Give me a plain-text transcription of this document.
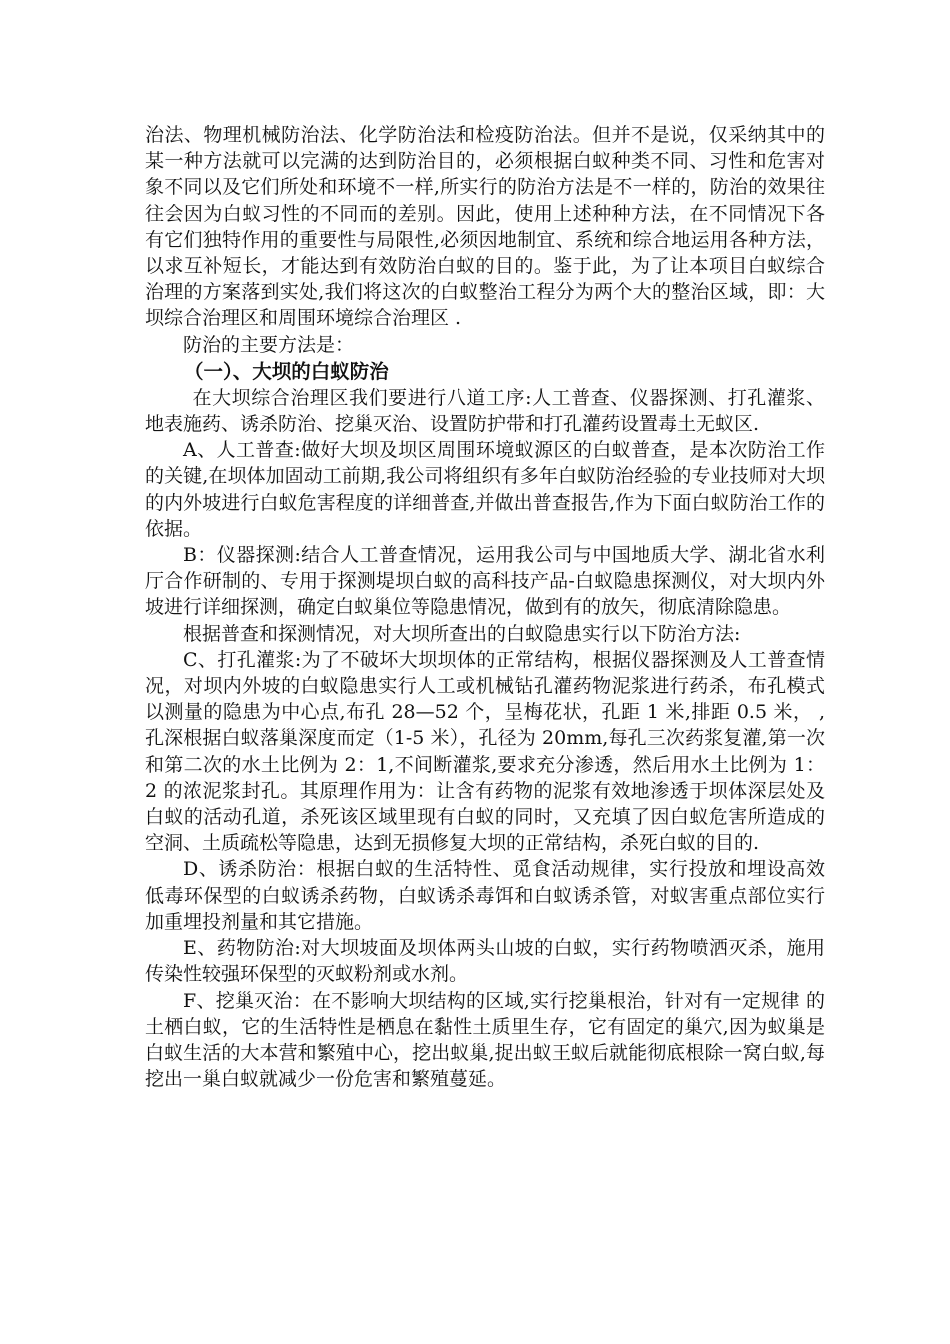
治法、物理机械防治法、化学防治法和检疫防治法。但并不是说，仅采纳其中的某一种方法就可以完满的达到防治目的，必须根据白蚁种类不同、习性和危害对象不同以及它们所处和环境不一样,所实行的防治方法是不一样的，防治的效果往往会因为白蚁习性的不同而的差别。因此，使用上述种种方法，在不同情况下各有它们独特作用的重要性与局限性,必须因地制宜、系统和综合地运用各种方法，以求互补短长，才能达到有效防治白蚁的目的。鉴于此，为了让本项目白蚁综合治理的方案落到实处,我们将这次的白蚁整治工程分为两个大的整治区域，即：大坝综合治理区和周围环境综合治理区 .

防治的主要方法是：

（一）、大坝的白蚁防治

在大坝综合治理区我们要进行八道工序:人工普查、仪器探测、打孔灌浆、地表施药、诱杀防治、挖巢灭治、设置防护带和打孔灌药设置毒土无蚁区.

A、人工普查:做好大坝及坝区周围环境蚁源区的白蚁普查，是本次防治工作的关键,在坝体加固动工前期,我公司将组织有多年白蚁防治经验的专业技师对大坝的内外坡进行白蚁危害程度的详细普查,并做出普查报告,作为下面白蚁防治工作的依据。

B：仪器探测:结合人工普查情况，运用我公司与中国地质大学、湖北省水利厅合作研制的、专用于探测堤坝白蚁的高科技产品-白蚁隐患探测仪，对大坝内外坡进行详细探测，确定白蚁巢位等隐患情况，做到有的放矢，彻底清除隐患。

根据普查和探测情况，对大坝所查出的白蚁隐患实行以下防治方法:

C、打孔灌浆:为了不破坏大坝坝体的正常结构，根据仪器探测及人工普查情况，对坝内外坡的白蚁隐患实行人工或机械钻孔灌药物泥浆进行药杀，布孔模式以测量的隐患为中心点,布孔 28—52 个，呈梅花状，孔距 1 米,排距 0.5 米， ,孔深根据白蚁落巢深度而定（1-5 米），孔径为 20mm,每孔三次药浆复灌,第一次和第二次的水土比例为 2：1,不间断灌浆,要求充分渗透，然后用水土比例为 1：2 的浓泥浆封孔。其原理作用为：让含有药物的泥浆有效地渗透于坝体深层处及白蚁的活动孔道，杀死该区域里现有白蚁的同时，又充填了因白蚁危害所造成的空洞、土质疏松等隐患，达到无损修复大坝的正常结构，杀死白蚁的目的.

D、诱杀防治：根据白蚁的生活特性、觅食活动规律，实行投放和埋设高效低毒环保型的白蚁诱杀药物，白蚁诱杀毒饵和白蚁诱杀管，对蚁害重点部位实行加重埋投剂量和其它措施。

E、药物防治:对大坝坡面及坝体两头山坡的白蚁，实行药物喷洒灭杀，施用传染性较强环保型的灭蚁粉剂或水剂。

F、挖巢灭治：在不影响大坝结构的区域,实行挖巢根治，针对有一定规律 的土栖白蚁，它的生活特性是栖息在黏性土质里生存，它有固定的巢穴,因为蚁巢是白蚁生活的大本营和繁殖中心，挖出蚁巢,捉出蚁王蚁后就能彻底根除一窝白蚁,每挖出一巢白蚁就减少一份危害和繁殖蔓延。
